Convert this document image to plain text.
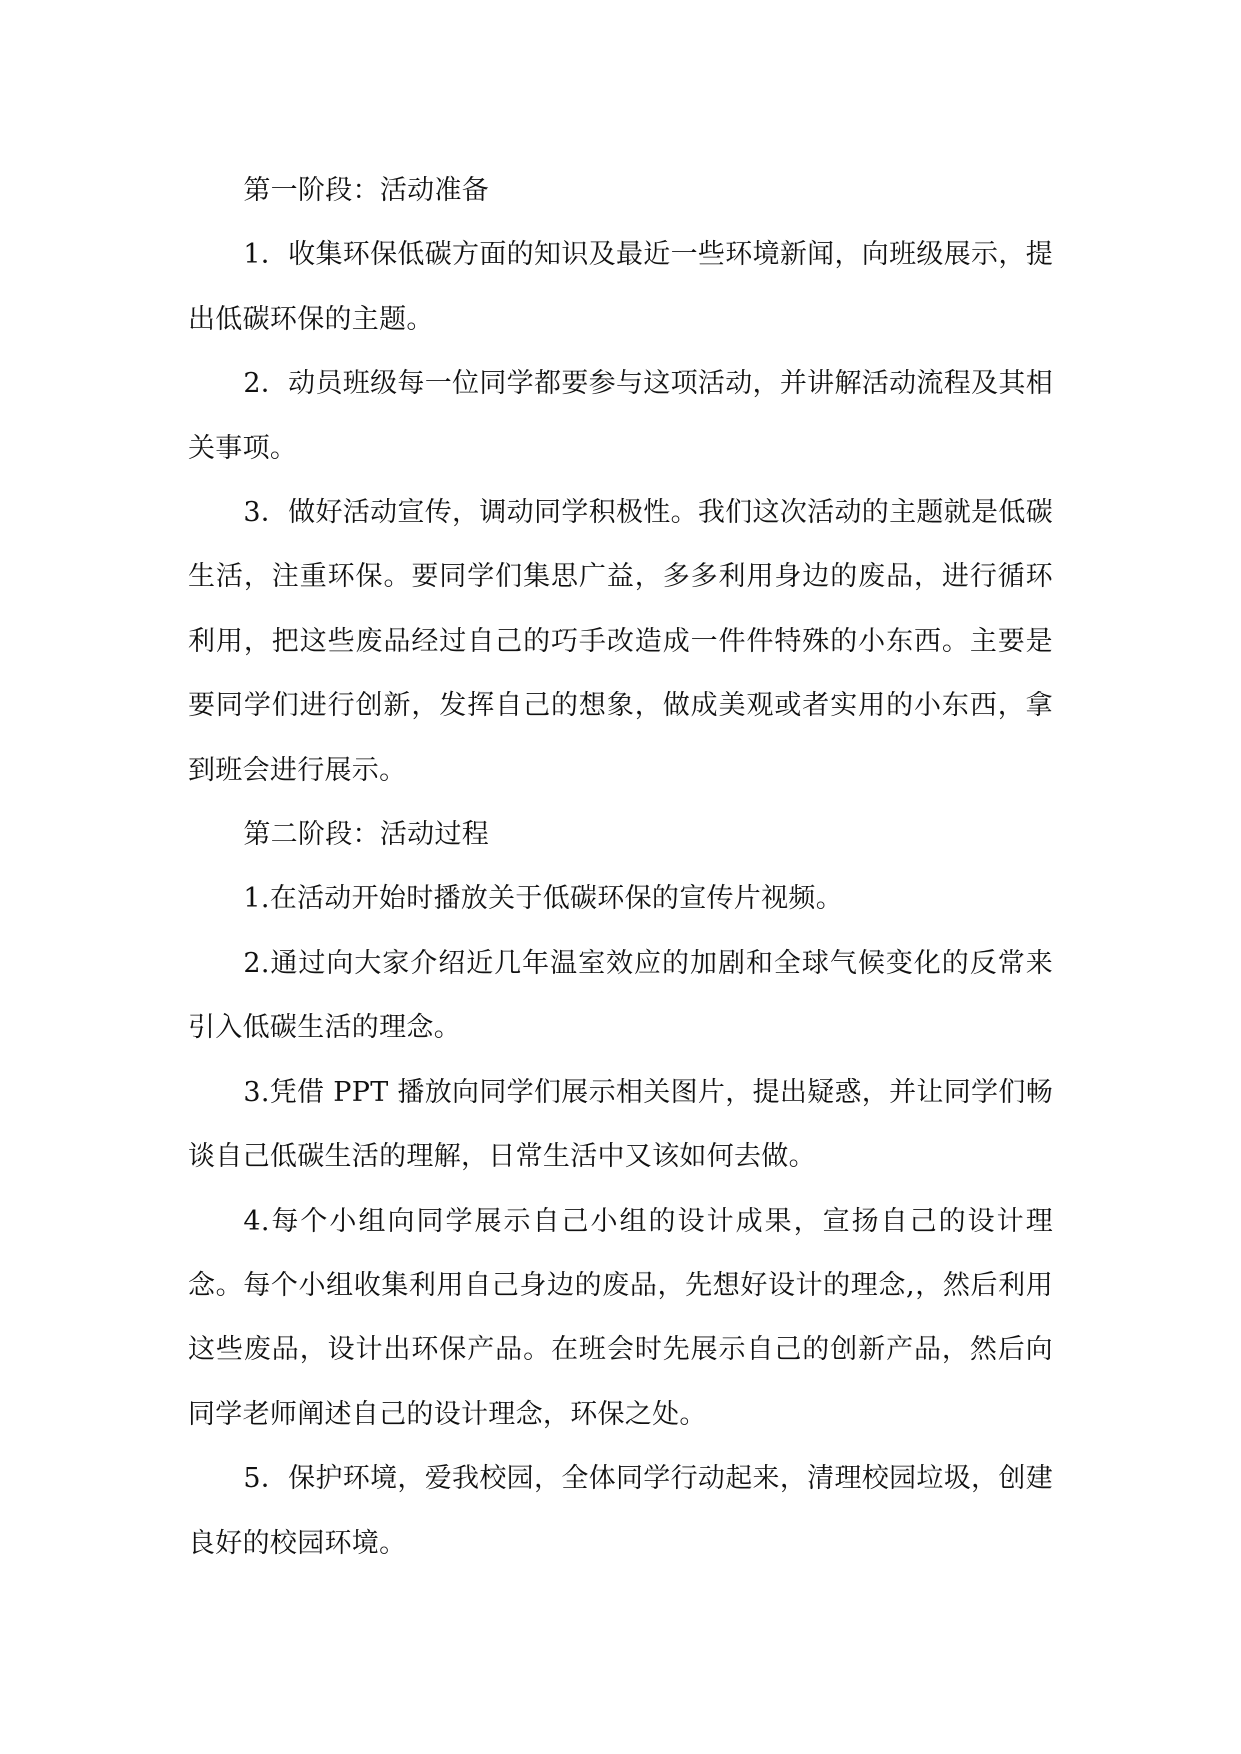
第一阶段：活动准备

1．收集环保低碳方面的知识及最近一些环境新闻，向班级展示，提出低碳环保的主题。

2．动员班级每一位同学都要参与这项活动，并讲解活动流程及其相关事项。

3．做好活动宣传，调动同学积极性。我们这次活动的主题就是低碳生活，注重环保。要同学们集思广益，多多利用身边的废品，进行循环利用，把这些废品经过自己的巧手改造成一件件特殊的小东西。主要是要同学们进行创新，发挥自己的想象，做成美观或者实用的小东西，拿到班会进行展示。

第二阶段：活动过程

1.在活动开始时播放关于低碳环保的宣传片视频。

2.通过向大家介绍近几年温室效应的加剧和全球气候变化的反常来引入低碳生活的理念。

3.凭借 PPT 播放向同学们展示相关图片，提出疑惑，并让同学们畅谈自己低碳生活的理解，日常生活中又该如何去做。

4.每个小组向同学展示自己小组的设计成果，宣扬自己的设计理念。每个小组收集利用自己身边的废品，先想好设计的理念,，然后利用这些废品，设计出环保产品。在班会时先展示自己的创新产品，然后向同学老师阐述自己的设计理念，环保之处。

5．保护环境，爱我校园，全体同学行动起来，清理校园垃圾，创建良好的校园环境。
